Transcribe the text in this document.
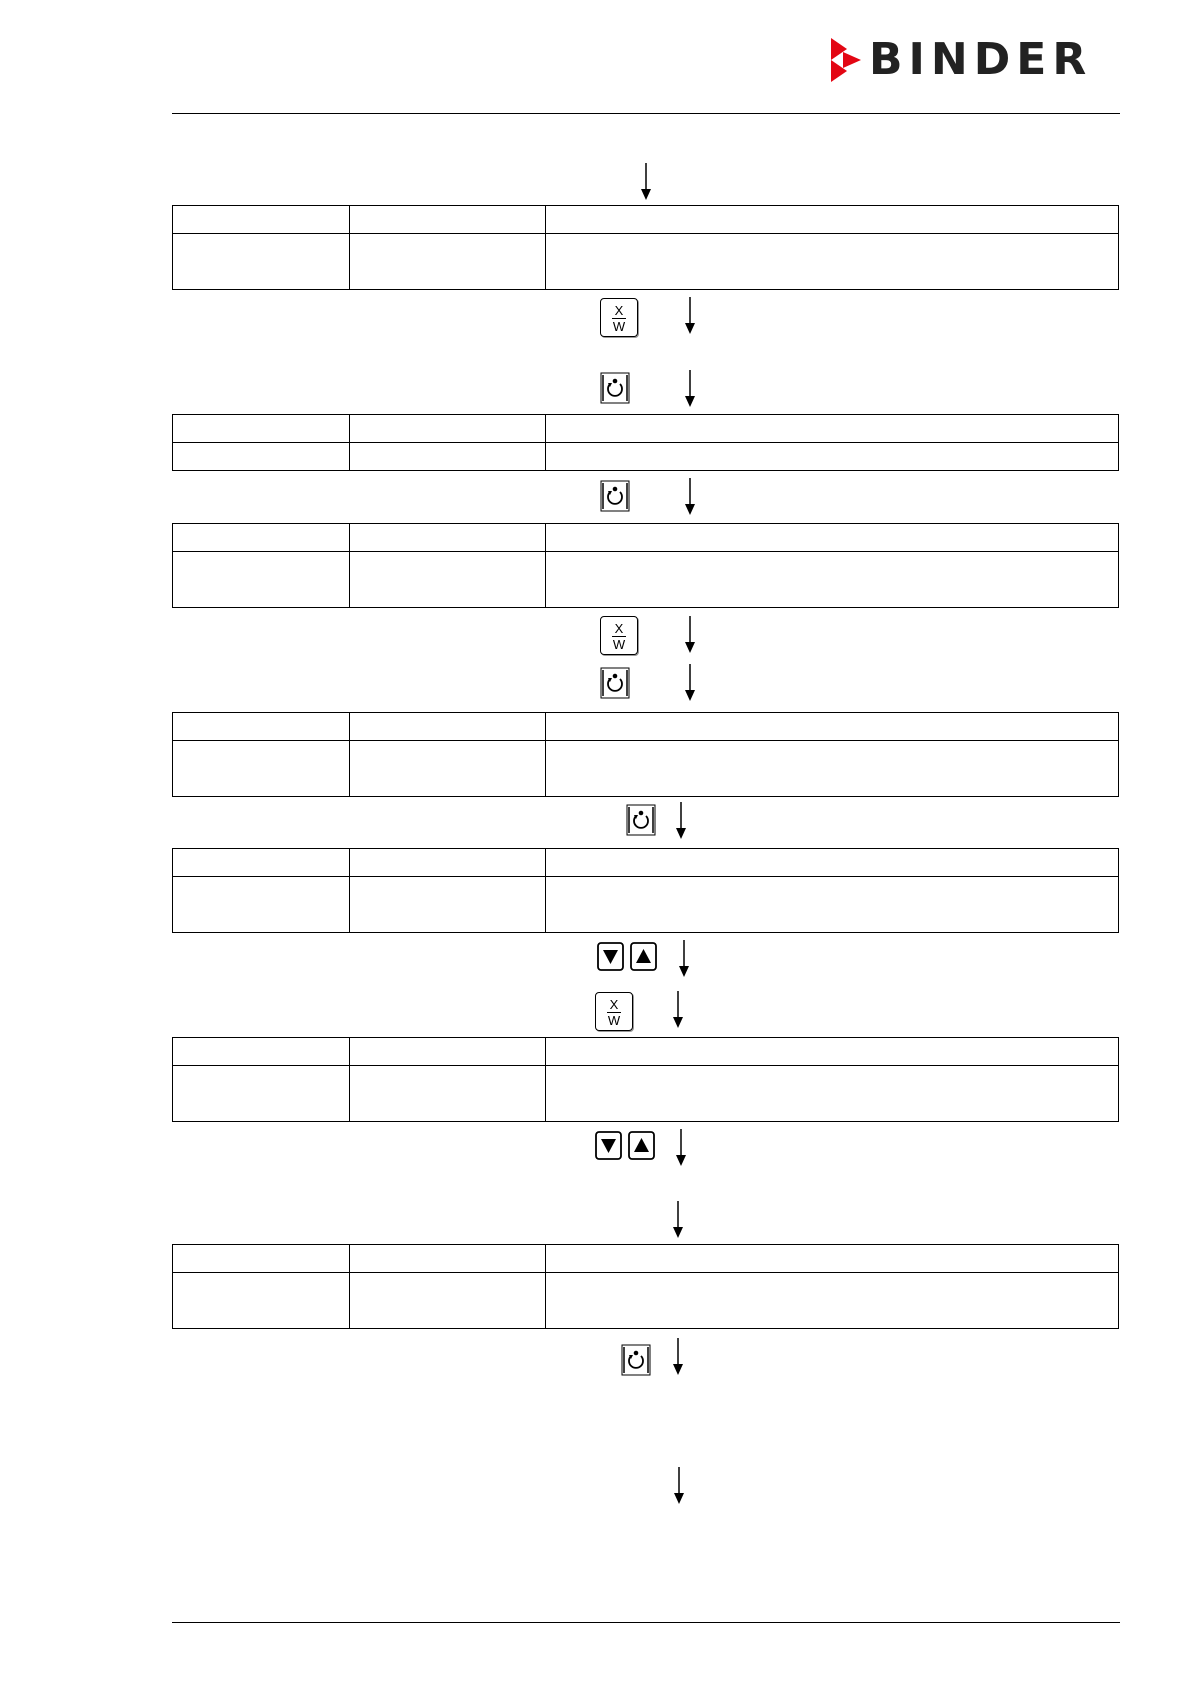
BINDER
X
W
X
W
X
W
